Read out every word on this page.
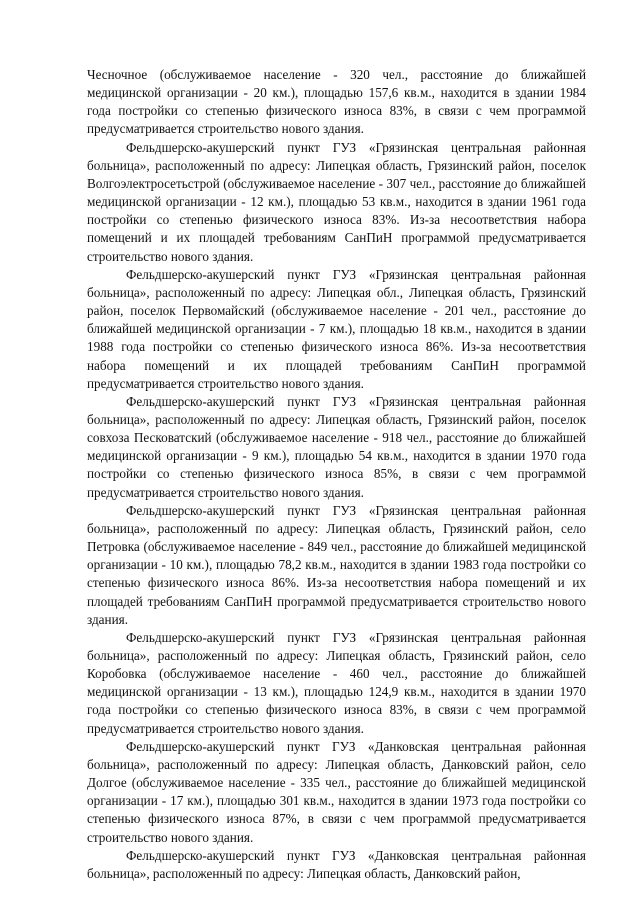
Чесночное (обслуживаемое население - 320 чел., расстояние до ближайшей медицинской организации - 20 км.), площадью 157,6 кв.м., находится в здании 1984 года постройки со степенью физического износа 83%, в связи с чем программой предусматривается строительство нового здания.

Фельдшерско-акушерский пункт ГУЗ «Грязинская центральная районная больница», расположенный по адресу: Липецкая область, Грязинский район, поселок Волгоэлектросетьстрой (обслуживаемое население - 307 чел., расстояние до ближайшей медицинской организации - 12 км.), площадью 53 кв.м., находится в здании 1961 года постройки со степенью физического износа 83%. Из-за несоответствия набора помещений и их площадей требованиям СанПиН программой предусматривается строительство нового здания.

Фельдшерско-акушерский пункт ГУЗ «Грязинская центральная районная больница», расположенный по адресу: Липецкая обл., Липецкая область, Грязинский район, поселок Первомайский (обслуживаемое население - 201 чел., расстояние до ближайшей медицинской организации - 7 км.), площадью 18 кв.м., находится в здании 1988 года постройки со степенью физического износа 86%. Из-за несоответствия набора помещений и их площадей требованиям СанПиН программой предусматривается строительство нового здания.

Фельдшерско-акушерский пункт ГУЗ «Грязинская центральная районная больница», расположенный по адресу: Липецкая область, Грязинский район, поселок совхоза Песковатский (обслуживаемое население - 918 чел., расстояние до ближайшей медицинской организации - 9 км.), площадью 54 кв.м., находится в здании 1970 года постройки со степенью физического износа 85%, в связи с чем программой предусматривается строительство нового здания.

Фельдшерско-акушерский пункт ГУЗ «Грязинская центральная районная больница», расположенный по адресу: Липецкая область, Грязинский район, село Петровка (обслуживаемое население - 849 чел., расстояние до ближайшей медицинской организации - 10 км.), площадью 78,2 кв.м., находится в здании 1983 года постройки со степенью физического износа 86%. Из-за несоответствия набора помещений и их площадей требованиям СанПиН программой предусматривается строительство нового здания.

Фельдшерско-акушерский пункт ГУЗ «Грязинская центральная районная больница», расположенный по адресу: Липецкая область, Грязинский район, село Коробовка (обслуживаемое население - 460 чел., расстояние до ближайшей медицинской организации - 13 км.), площадью 124,9 кв.м., находится в здании 1970 года постройки со степенью физического износа 83%, в связи с чем программой предусматривается строительство нового здания.

Фельдшерско-акушерский пункт ГУЗ «Данковская центральная районная больница», расположенный по адресу: Липецкая область, Данковский район, село Долгое (обслуживаемое население - 335 чел., расстояние до ближайшей медицинской организации - 17 км.), площадью 301 кв.м., находится в здании 1973 года постройки со степенью физического износа 87%, в связи с чем программой предусматривается строительство нового здания.

Фельдшерско-акушерский пункт ГУЗ «Данковская центральная районная больница», расположенный по адресу: Липецкая область, Данковский район,
